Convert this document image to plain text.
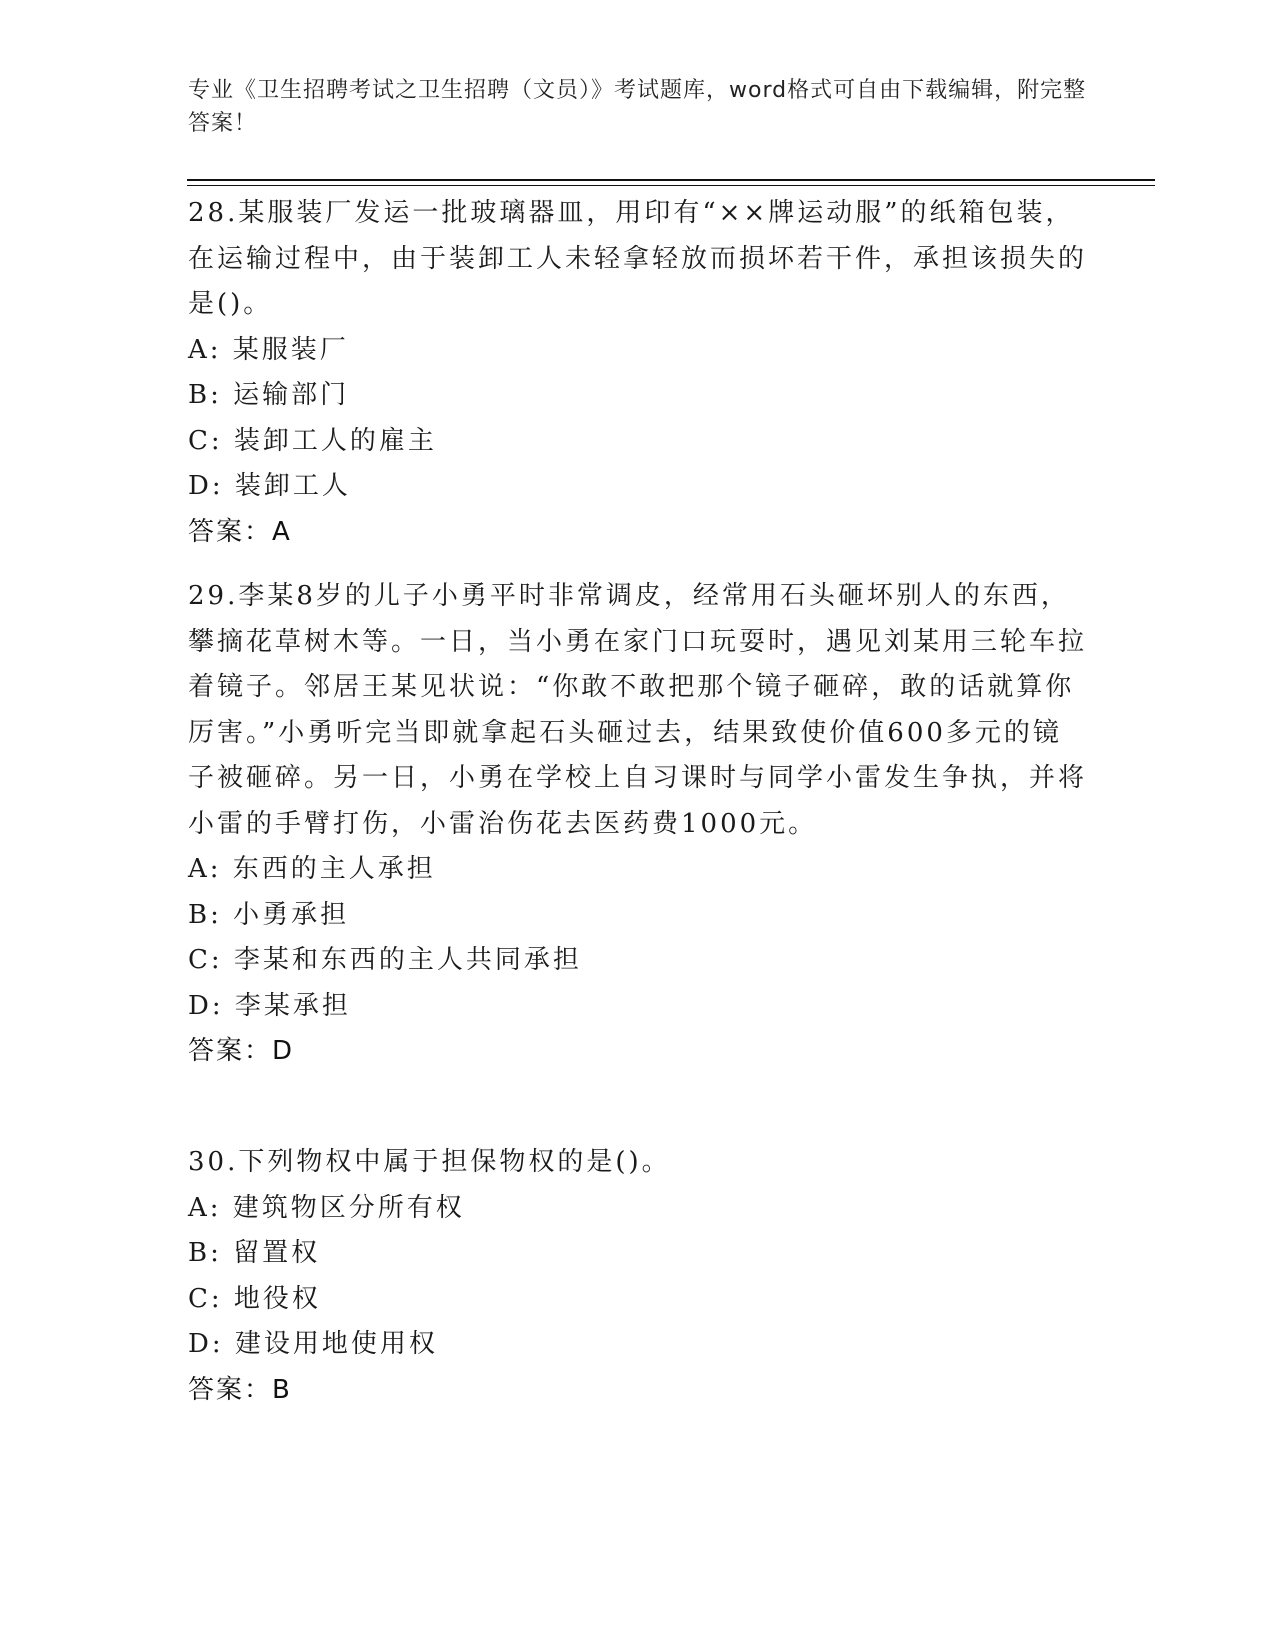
专业《卫生招聘考试之卫生招聘（文员）》考试题库，word格式可自由下载编辑，附完整答案！

28.某服装厂发运一批玻璃器皿，用印有“××牌运动服”的纸箱包装，在运输过程中，由于装卸工人未轻拿轻放而损坏若干件，承担该损失的是()。

A: 某服装厂

B: 运输部门

C: 装卸工人的雇主

D: 装卸工人

答案：A

29.李某8岁的儿子小勇平时非常调皮，经常用石头砸坏别人的东西，攀摘花草树木等。一日，当小勇在家门口玩耍时，遇见刘某用三轮车拉着镜子。邻居王某见状说：“你敢不敢把那个镜子砸碎，敢的话就算你厉害。”小勇听完当即就拿起石头砸过去，结果致使价值600多元的镜子被砸碎。另一日，小勇在学校上自习课时与同学小雷发生争执，并将小雷的手臂打伤，小雷治伤花去医药费1000元。

A: 东西的主人承担

B: 小勇承担

C: 李某和东西的主人共同承担

D: 李某承担

答案：D

30.下列物权中属于担保物权的是()。

A: 建筑物区分所有权

B: 留置权

C: 地役权

D: 建设用地使用权

答案：B
